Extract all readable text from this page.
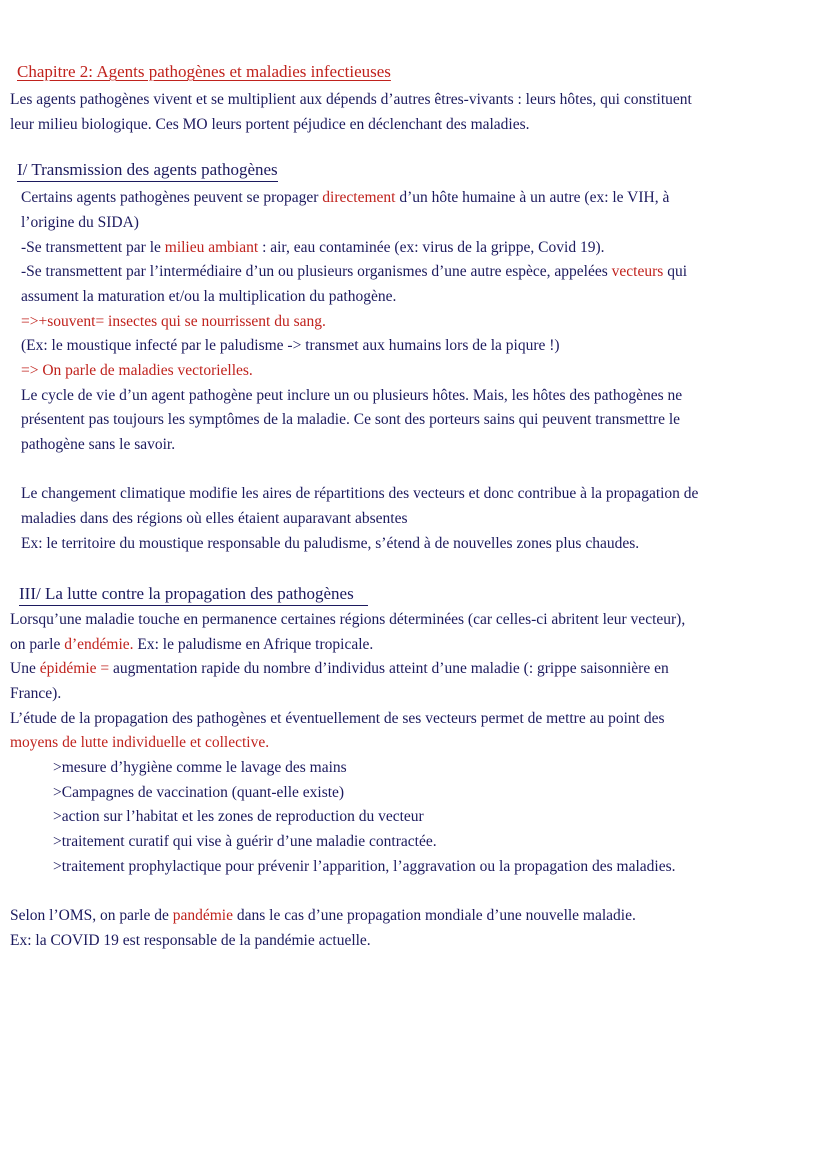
Chapitre 2: Agents pathogènes et maladies infectieuses
Les agents pathogènes vivent et se multiplient aux dépends d’autres êtres-vivants : leurs hôtes, qui constituent
leur milieu biologique. Ces MO leurs portent péjudice en déclenchant des maladies.
I/ Transmission des agents pathogènes
Certains agents pathogènes peuvent se propager directement d’un hôte humaine à un autre (ex: le VIH, à
l’origine du SIDA)
-Se transmettent par le milieu ambiant : air, eau contaminée (ex: virus de la grippe, Covid 19).
-Se transmettent par l’intermédiaire d’un ou plusieurs organismes d’une autre espèce, appelées vecteurs qui
assument la maturation et/ou la multiplication du pathogène.
=>+souvent= insectes qui se nourrissent du sang.
(Ex: le moustique infecté par le paludisme -> transmet aux humains lors de la piqure !)
=> On parle de maladies vectorielles.
Le cycle de vie d’un agent pathogène peut inclure un ou plusieurs hôtes. Mais, les hôtes des pathogènes ne
présentent pas toujours les symptômes de la maladie. Ce sont des porteurs sains qui peuvent transmettre le
pathogène sans le savoir.
Le changement climatique modifie les aires de répartitions des vecteurs et donc contribue à la propagation de
maladies dans des régions où elles étaient auparavant absentes
Ex: le territoire du moustique responsable du paludisme, s’étend à de nouvelles zones plus chaudes.
III/ La lutte contre la propagation des pathogènes
Lorsqu’une maladie touche en permanence certaines régions déterminées (car celles-ci abritent leur vecteur),
on parle d’endémie. Ex: le paludisme en Afrique tropicale.
Une épidémie = augmentation rapide du nombre d’individus atteint d’une maladie (: grippe saisonnière en
France).
L’étude de la propagation des pathogènes et éventuellement de ses vecteurs permet de mettre au point des
moyens de lutte individuelle et collective.
>mesure d’hygiène comme le lavage des mains
>Campagnes de vaccination (quant-elle existe)
>action sur l’habitat et les zones de reproduction du vecteur
>traitement curatif qui vise à guérir d’une maladie contractée.
>traitement prophylactique pour prévenir l’apparition, l’aggravation ou la propagation des maladies.
Selon l’OMS, on parle de pandémie dans le cas d’une propagation mondiale d’une nouvelle maladie.
Ex: la COVID 19 est responsable de la pandémie actuelle.
